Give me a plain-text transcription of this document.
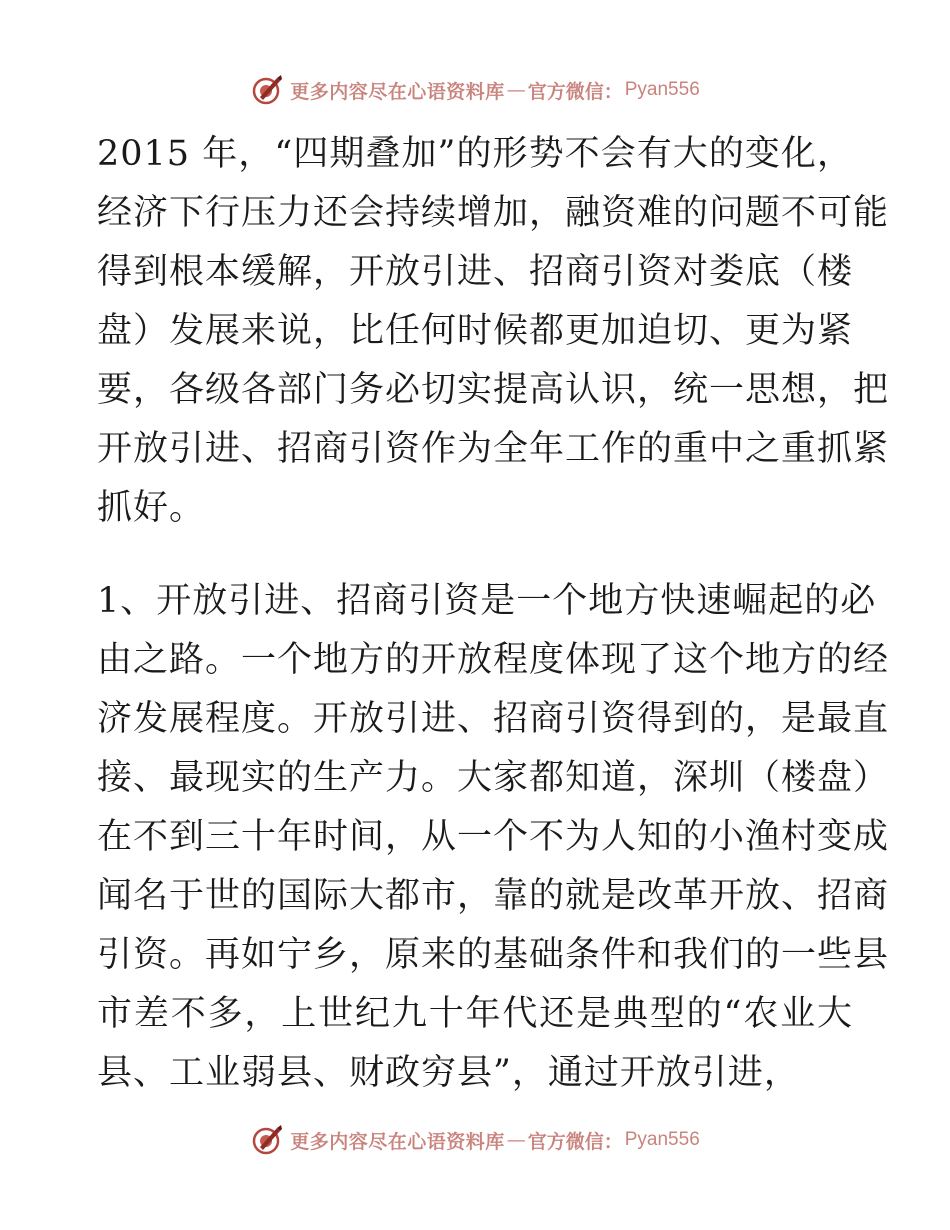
更多内容尽在心语资料库 — 官方微信： Pyan556
2015 年，“四期叠加”的形势不会有大的变化，
经济下行压力还会持续增加，融资难的问题不可能
得到根本缓解，开放引进、招商引资对娄底（楼
盘）发展来说，比任何时候都更加迫切、更为紧
要，各级各部门务必切实提高认识，统一思想，把
开放引进、招商引资作为全年工作的重中之重抓紧
抓好。
1、开放引进、招商引资是一个地方快速崛起的必
由之路。一个地方的开放程度体现了这个地方的经
济发展程度。开放引进、招商引资得到的，是最直
接、最现实的生产力。大家都知道，深圳（楼盘）
在不到三十年时间，从一个不为人知的小渔村变成
闻名于世的国际大都市，靠的就是改革开放、招商
引资。再如宁乡，原来的基础条件和我们的一些县
市差不多，上世纪九十年代还是典型的“农业大
县、工业弱县、财政穷县”，通过开放引进，
更多内容尽在心语资料库 — 官方微信： Pyan556
